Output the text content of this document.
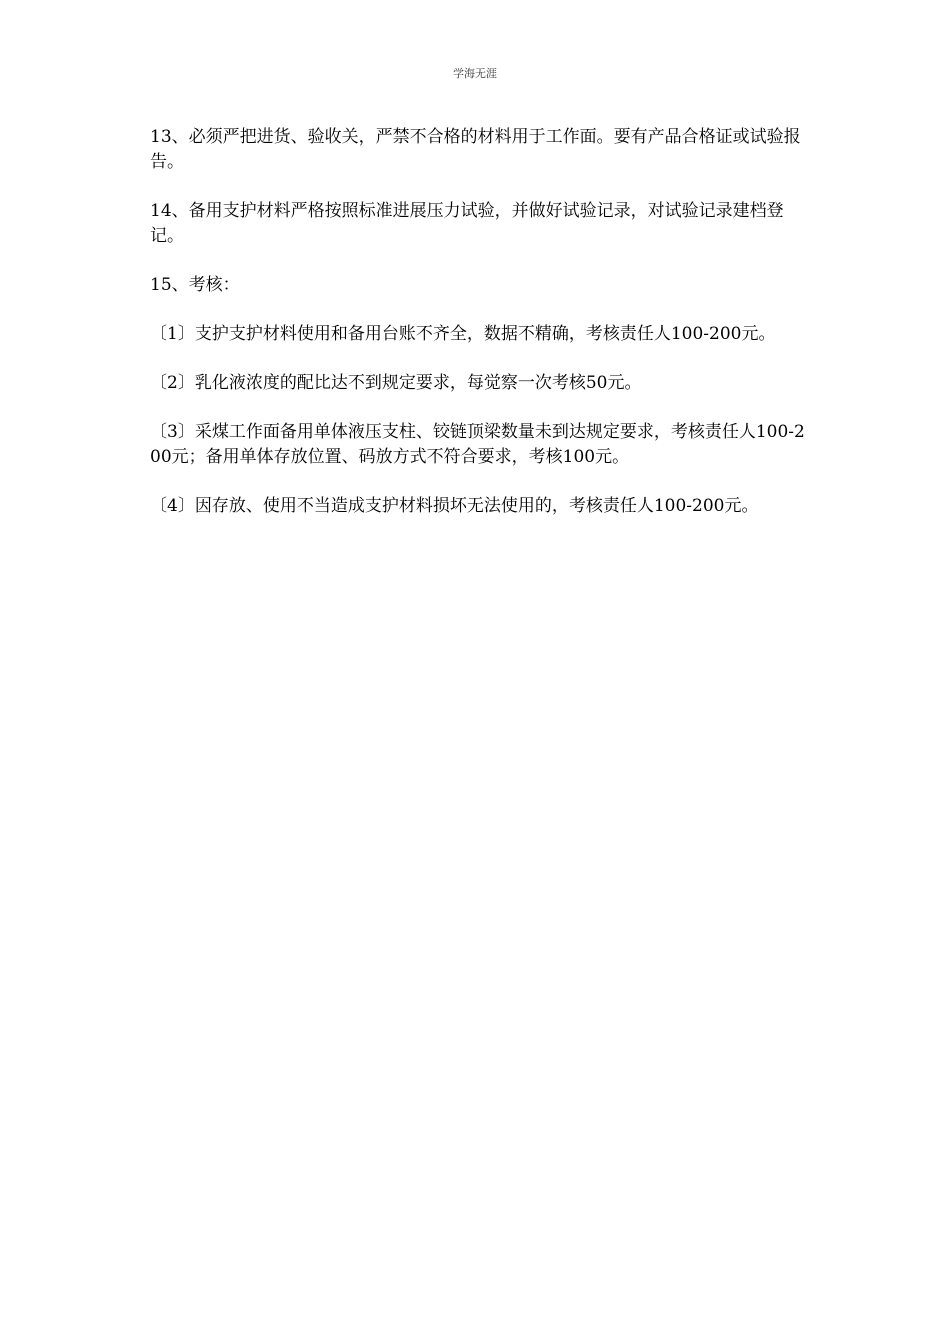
学海无涯

13、必须严把进货、验收关，严禁不合格的材料用于工作面。要有产品合格证或试验报告。

14、备用支护材料严格按照标准进展压力试验，并做好试验记录，对试验记录建档登记。

15、考核：

〔1〕支护支护材料使用和备用台账不齐全，数据不精确，考核责任人100-200元。

〔2〕乳化液浓度的配比达不到规定要求，每觉察一次考核50元。

〔3〕采煤工作面备用单体液压支柱、铰链顶梁数量未到达规定要求，考核责任人100-200元；备用单体存放位置、码放方式不符合要求，考核100元。

〔4〕因存放、使用不当造成支护材料损坏无法使用的，考核责任人100-200元。
